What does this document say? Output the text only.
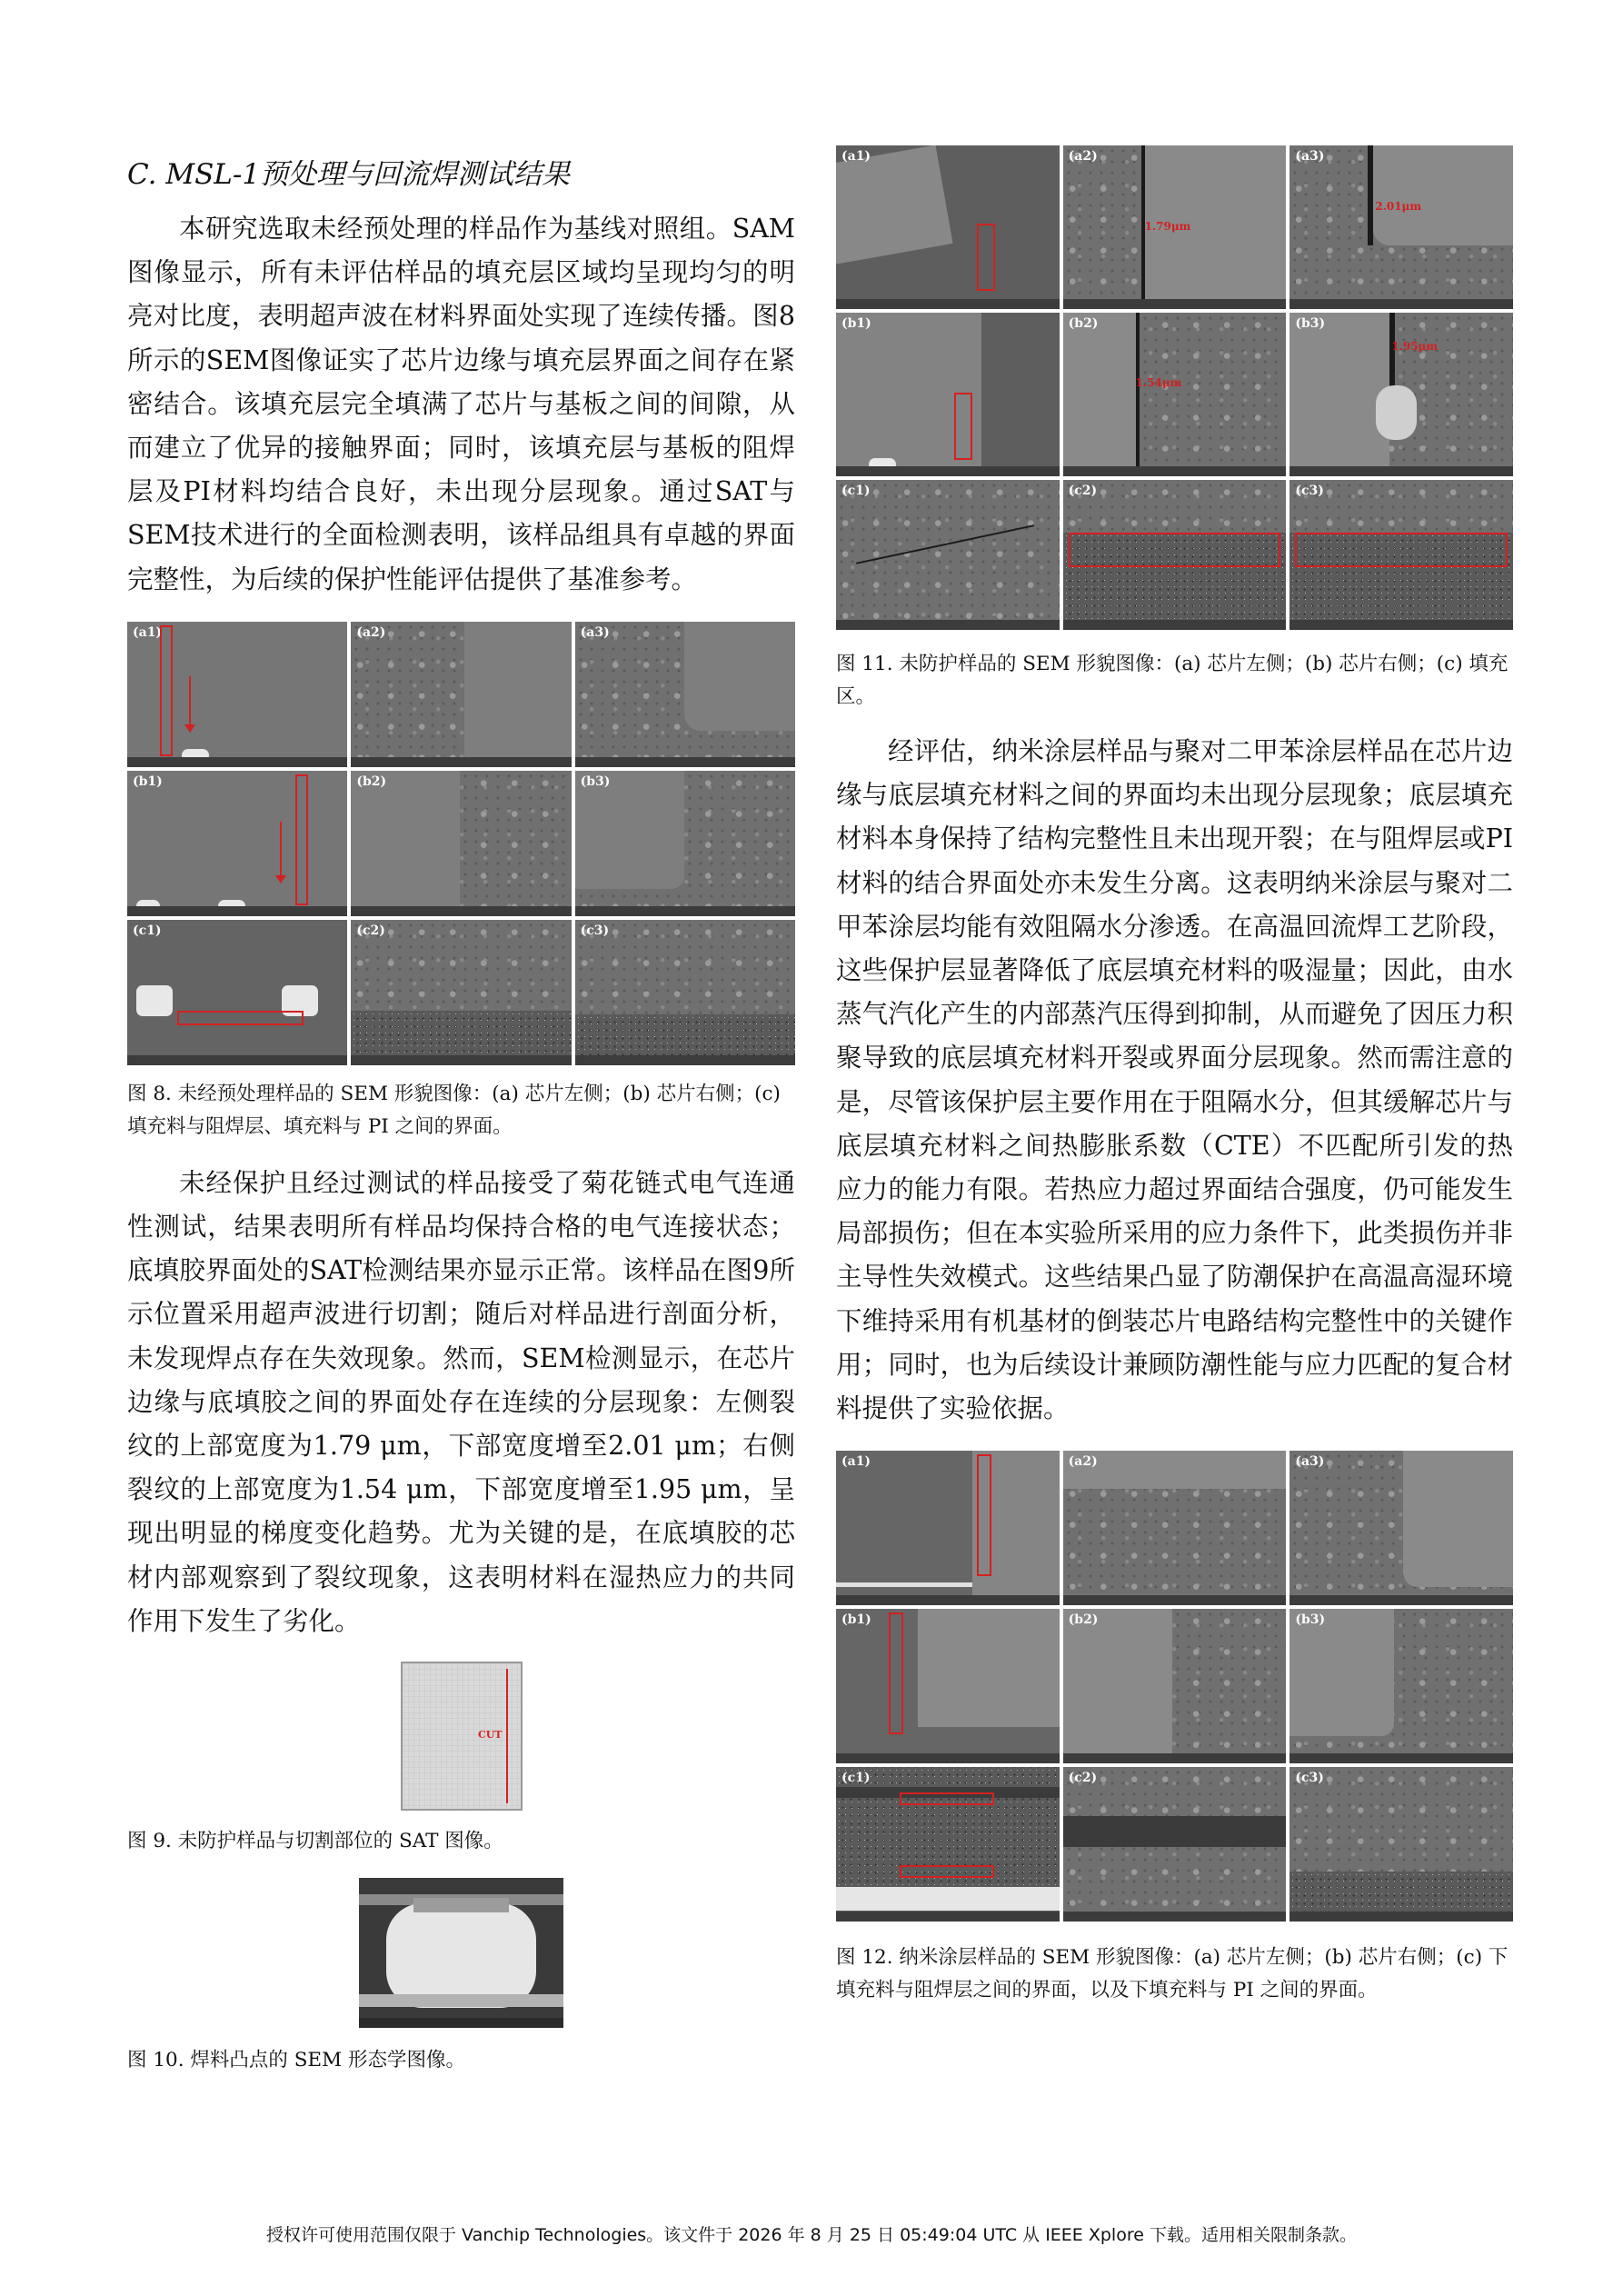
C. MSL-1预处理与回流焊测试结果

本研究选取未经预处理的样品作为基线对照组。SAM图像显示，所有未评估样品的填充层区域均呈现均匀的明亮对比度，表明超声波在材料界面处实现了连续传播。图8所示的SEM图像证实了芯片边缘与填充层界面之间存在紧密结合。该填充层完全填满了芯片与基板之间的间隙，从而建立了优异的接触界面；同时，该填充层与基板的阻焊层及PI材料均结合良好，未出现分层现象。通过SAT与SEM技术进行的全面检测表明，该样品组具有卓越的界面完整性，为后续的保护性能评估提供了基准参考。

(a1)	(a2)	(a3)
(b1)	(b2)	(b3)
(c1)	(c2)	(c3)

图 8. 未经预处理样品的 SEM 形貌图像：(a) 芯片左侧；(b) 芯片右侧；(c) 填充料与阻焊层、填充料与 PI 之间的界面。

未经保护且经过测试的样品接受了菊花链式电气连通性测试，结果表明所有样品均保持合格的电气连接状态；底填胶界面处的SAT检测结果亦显示正常。该样品在图9所示位置采用超声波进行切割；随后对样品进行剖面分析，未发现焊点存在失效现象。然而，SEM检测显示，在芯片边缘与底填胶之间的界面处存在连续的分层现象：左侧裂纹的上部宽度为1.79 μm，下部宽度增至2.01 μm；右侧裂纹的上部宽度为1.54 μm，下部宽度增至1.95 μm，呈现出明显的梯度变化趋势。尤为关键的是，在底填胶的芯材内部观察到了裂纹现象，这表明材料在湿热应力的共同作用下发生了劣化。

CUT

图 9. 未防护样品与切割部位的 SAT 图像。

图 10. 焊料凸点的 SEM 形态学图像。

(a1)	(a2)
1.79μm
(a3)
2.01μm
(b1)	(b2)
1.54μm
(b3)
1.95μm
(c1)	(c2)	(c3)

图 11. 未防护样品的 SEM 形貌图像：(a) 芯片左侧；(b) 芯片右侧；(c) 填充区。

经评估，纳米涂层样品与聚对二甲苯涂层样品在芯片边缘与底层填充材料之间的界面均未出现分层现象；底层填充材料本身保持了结构完整性且未出现开裂；在与阻焊层或PI材料的结合界面处亦未发生分离。这表明纳米涂层与聚对二甲苯涂层均能有效阻隔水分渗透。在高温回流焊工艺阶段，这些保护层显著降低了底层填充材料的吸湿量；因此，由水蒸气汽化产生的内部蒸汽压得到抑制，从而避免了因压力积聚导致的底层填充材料开裂或界面分层现象。然而需注意的是，尽管该保护层主要作用在于阻隔水分，但其缓解芯片与底层填充材料之间热膨胀系数（CTE）不匹配所引发的热应力的能力有限。若热应力超过界面结合强度，仍可能发生局部损伤；但在本实验所采用的应力条件下，此类损伤并非主导性失效模式。这些结果凸显了防潮保护在高温高湿环境下维持采用有机基材的倒装芯片电路结构完整性中的关键作用；同时，也为后续设计兼顾防潮性能与应力匹配的复合材料提供了实验依据。

(a1)	(a2)	(a3)
(b1)	(b2)	(b3)
(c1)	(c2)	(c3)

图 12. 纳米涂层样品的 SEM 形貌图像：(a) 芯片左侧；(b) 芯片右侧；(c) 下填充料与阻焊层之间的界面，以及下填充料与 PI 之间的界面。

授权许可使用范围仅限于 Vanchip Technologies。该文件于 2026 年 8 月 25 日 05:49:04 UTC 从 IEEE Xplore 下载。适用相关限制条款。
